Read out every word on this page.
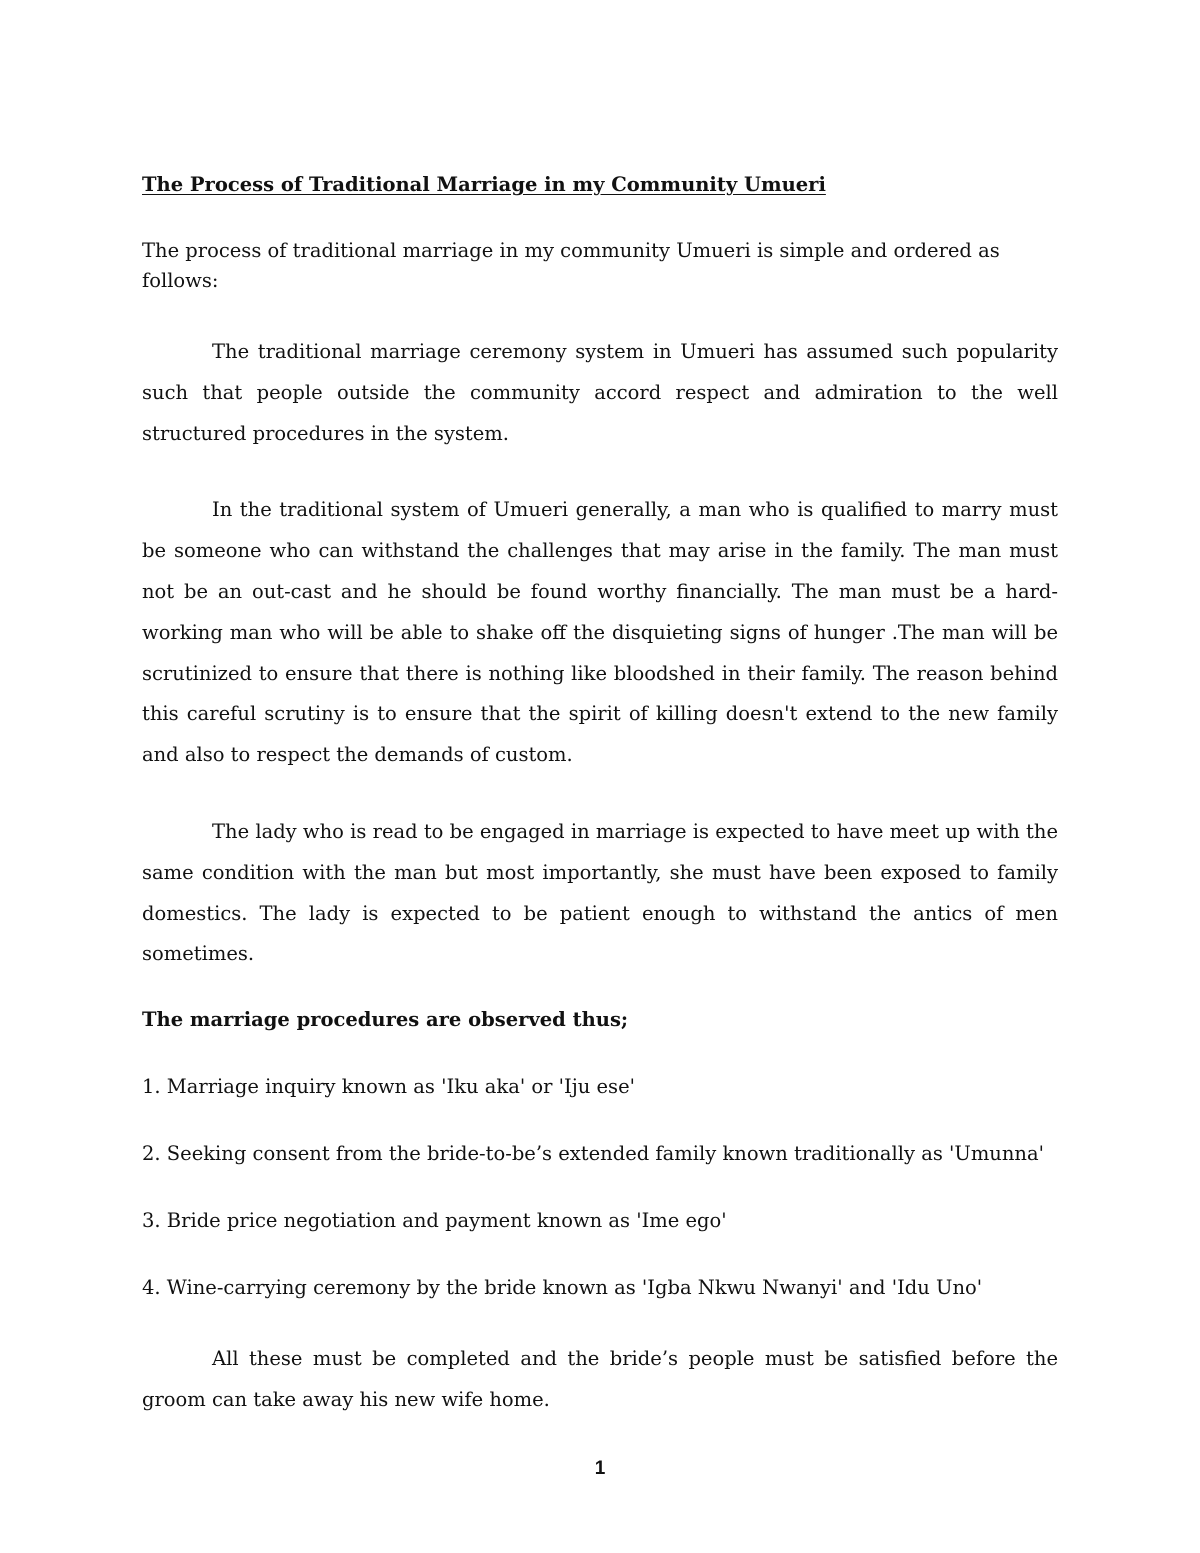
The Process of Traditional Marriage in my Community Umueri

The process of traditional marriage in my community Umueri is simple and ordered as follows:

The traditional marriage ceremony system in Umueri has assumed such popularity such that people outside the community accord respect and admiration to the well structured procedures in the system.

In the traditional system of Umueri generally, a man who is qualified to marry must be someone who can withstand the challenges that may arise in the family. The man must not be an out-cast and he should be found worthy financially. The man must be a hard-working man who will be able to shake off the disquieting signs of hunger .The man will be scrutinized to ensure that there is nothing like bloodshed in their family. The reason behind this careful scrutiny is to ensure that the spirit of killing doesn't extend to the new family and also to respect the demands of custom.

The lady who is read to be engaged in marriage is expected to have meet up with the same condition with the man but most importantly, she must have been exposed to family domestics. The lady is expected to be patient enough to withstand the antics of men sometimes.

The marriage procedures are observed thus;

1. Marriage inquiry known as 'Iku aka' or 'Iju ese'
2. Seeking consent from the bride-to-be’s extended family known traditionally as 'Umunna'
3. Bride price negotiation and payment known as 'Ime ego'
4. Wine-carrying ceremony by the bride known as 'Igba Nkwu Nwanyi' and 'Idu Uno'

All these must be completed and the bride’s people must be satisfied before the groom can take away his new wife home.

1
